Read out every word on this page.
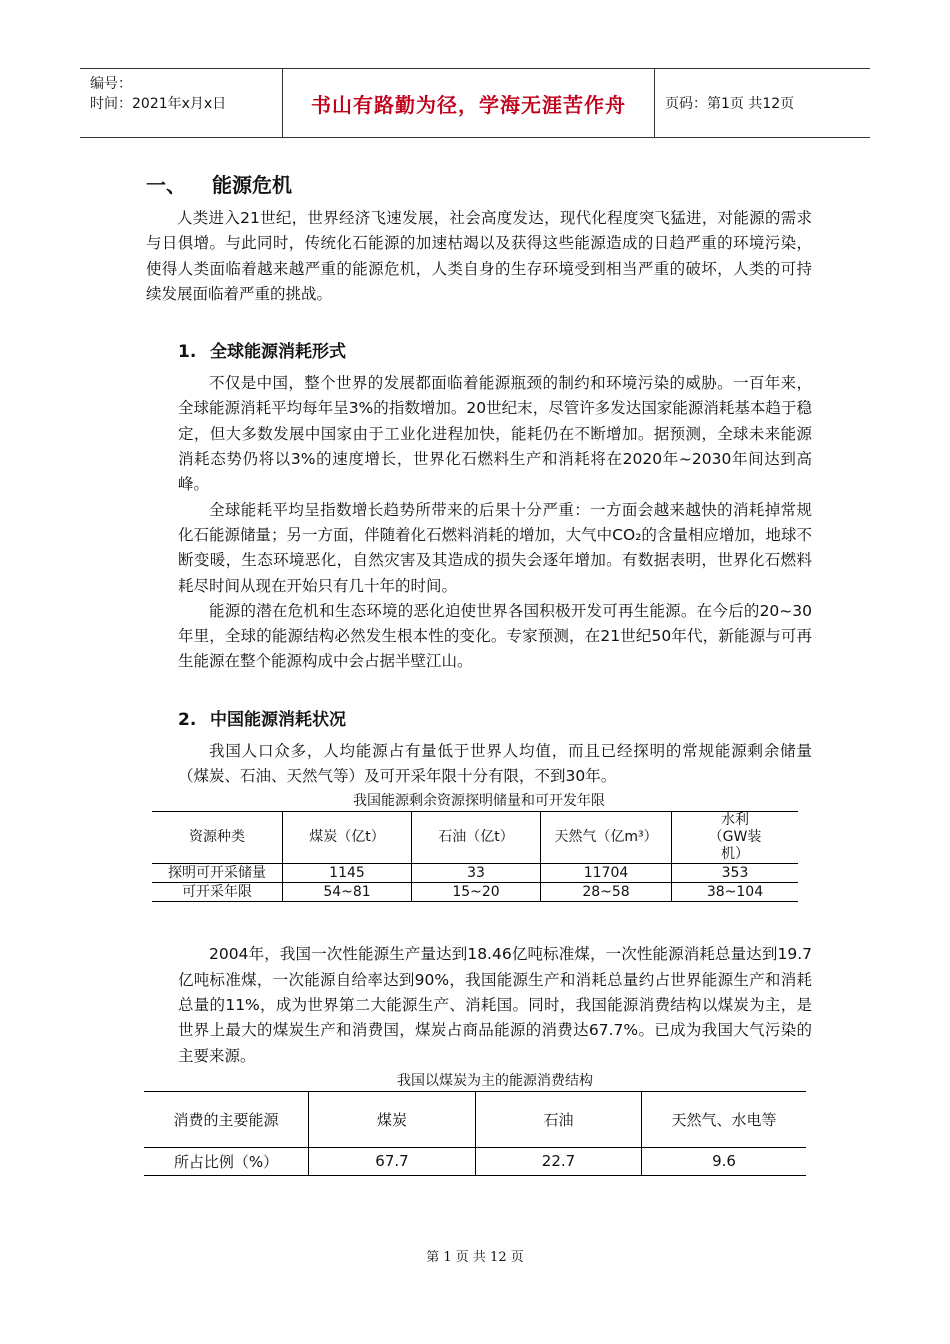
编号：
时间：2021年x月x日	书山有路勤为径，学海无涯苦作舟	页码：第1页 共12页
一、	能源危机

人类进入21世纪，世界经济飞速发展，社会高度发达，现代化程度突飞猛进，对能源的需求与日俱增。与此同时，传统化石能源的加速枯竭以及获得这些能源造成的日趋严重的环境污染，使得人类面临着越来越严重的能源危机，人类自身的生存环境受到相当严重的破坏，人类的可持续发展面临着严重的挑战。

1. 全球能源消耗形式

不仅是中国，整个世界的发展都面临着能源瓶颈的制约和环境污染的威胁。一百年来，全球能源消耗平均每年呈3%的指数增加。20世纪末，尽管许多发达国家能源消耗基本趋于稳定，但大多数发展中国家由于工业化进程加快，能耗仍在不断增加。据预测，全球未来能源消耗态势仍将以3%的速度增长，世界化石燃料生产和消耗将在2020年~2030年间达到高峰。

全球能耗平均呈指数增长趋势所带来的后果十分严重：一方面会越来越快的消耗掉常规化石能源储量；另一方面，伴随着化石燃料消耗的增加，大气中CO₂的含量相应增加，地球不断变暖，生态环境恶化，自然灾害及其造成的损失会逐年增加。有数据表明，世界化石燃料耗尽时间从现在开始只有几十年的时间。

能源的潜在危机和生态环境的恶化迫使世界各国积极开发可再生能源。在今后的20~30年里，全球的能源结构必然发生根本性的变化。专家预测，在21世纪50年代，新能源与可再生能源在整个能源构成中会占据半壁江山。

2. 中国能源消耗状况

我国人口众多，人均能源占有量低于世界人均值，而且已经探明的常规能源剩余储量（煤炭、石油、天然气等）及可开采年限十分有限，不到30年。

我国能源剩余资源探明储量和可开发年限
资源种类	煤炭（亿t）	石油（亿t）	天然气（亿m³）	水利（GW装机）
探明可开采储量	1145	33	11704	353
可开采年限	54~81	15~20	28~58	38~104

2004年，我国一次性能源生产量达到18.46亿吨标准煤，一次性能源消耗总量达到19.7亿吨标准煤，一次能源自给率达到90%，我国能源生产和消耗总量约占世界能源生产和消耗总量的11%，成为世界第二大能源生产、消耗国。同时，我国能源消费结构以煤炭为主，是世界上最大的煤炭生产和消费国，煤炭占商品能源的消费达67.7%。已成为我国大气污染的主要来源。

我国以煤炭为主的能源消费结构
消费的主要能源	煤炭	石油	天然气、水电等
所占比例（%）	67.7	22.7	9.6
第 1 页 共 12 页
